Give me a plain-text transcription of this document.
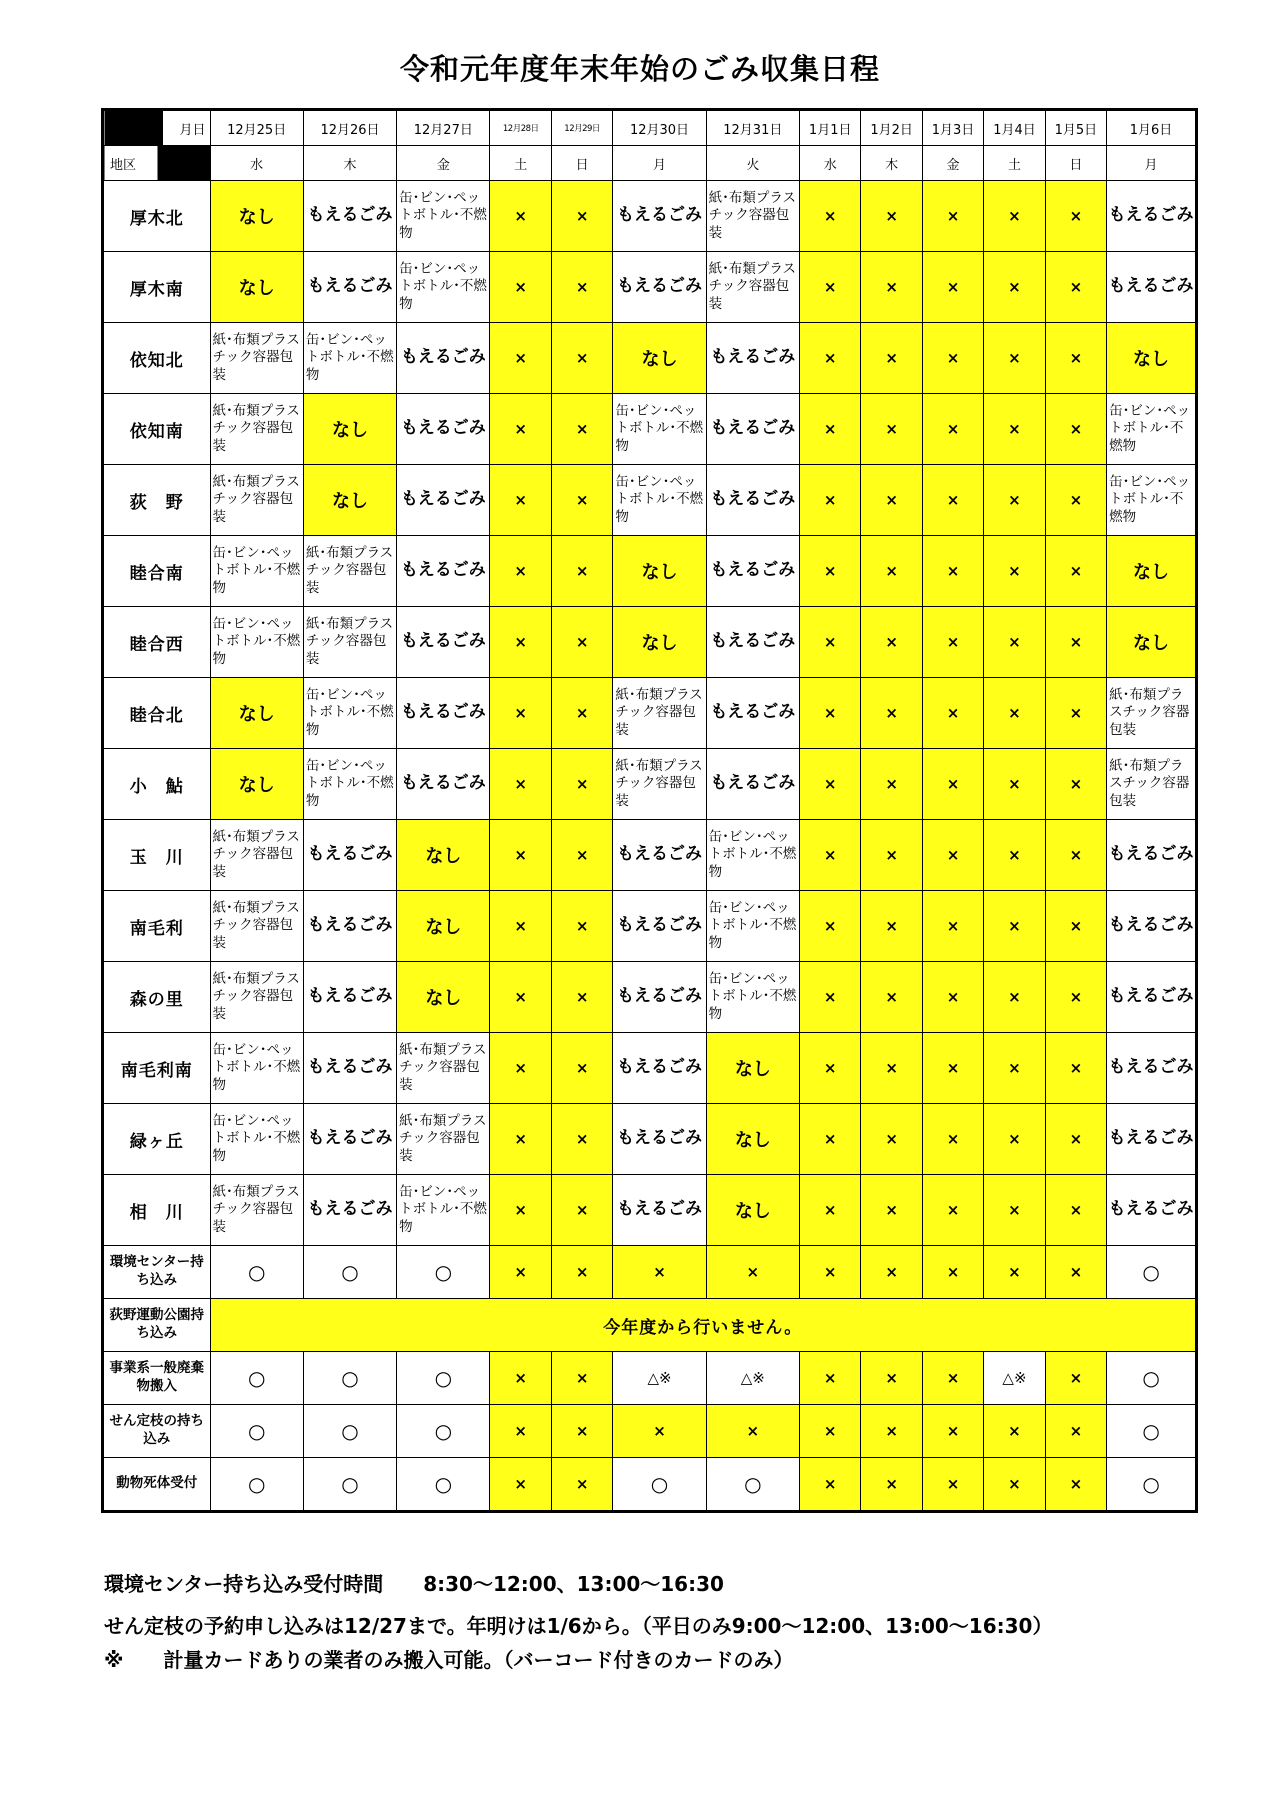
令和元年度年末年始のごみ収集日程
月日	12月25日	12月26日	12月27日	12月28日	12月29日	12月30日	12月31日	1月1日	1月2日	1月3日	1月4日	1月5日	1月6日
地区	水	木	金	土	日	月	火	水	木	金	土	日	月
厚木北	なし	もえるごみ	缶･ビン･ペットボトル･不燃物	×	×	もえるごみ	紙･布類プラスチック容器包装	×	×	×	×	×	もえるごみ
厚木南	なし	もえるごみ	缶･ビン･ペットボトル･不燃物	×	×	もえるごみ	紙･布類プラスチック容器包装	×	×	×	×	×	もえるごみ
依知北	紙･布類プラスチック容器包装	缶･ビン･ペットボトル･不燃物	もえるごみ	×	×	なし	もえるごみ	×	×	×	×	×	なし
依知南	紙･布類プラスチック容器包装	なし	もえるごみ	×	×	缶･ビン･ペットボトル･不燃物	もえるごみ	×	×	×	×	×	缶･ビン･ペットボトル･不燃物
荻　野	紙･布類プラスチック容器包装	なし	もえるごみ	×	×	缶･ビン･ペットボトル･不燃物	もえるごみ	×	×	×	×	×	缶･ビン･ペットボトル･不燃物
睦合南	缶･ビン･ペットボトル･不燃物	紙･布類プラスチック容器包装	もえるごみ	×	×	なし	もえるごみ	×	×	×	×	×	なし
睦合西	缶･ビン･ペットボトル･不燃物	紙･布類プラスチック容器包装	もえるごみ	×	×	なし	もえるごみ	×	×	×	×	×	なし
睦合北	なし	缶･ビン･ペットボトル･不燃物	もえるごみ	×	×	紙･布類プラスチック容器包装	もえるごみ	×	×	×	×	×	紙･布類プラスチック容器包装
小　鮎	なし	缶･ビン･ペットボトル･不燃物	もえるごみ	×	×	紙･布類プラスチック容器包装	もえるごみ	×	×	×	×	×	紙･布類プラスチック容器包装
玉　川	紙･布類プラスチック容器包装	もえるごみ	なし	×	×	もえるごみ	缶･ビン･ペットボトル･不燃物	×	×	×	×	×	もえるごみ
南毛利	紙･布類プラスチック容器包装	もえるごみ	なし	×	×	もえるごみ	缶･ビン･ペットボトル･不燃物	×	×	×	×	×	もえるごみ
森の里	紙･布類プラスチック容器包装	もえるごみ	なし	×	×	もえるごみ	缶･ビン･ペットボトル･不燃物	×	×	×	×	×	もえるごみ
南毛利南	缶･ビン･ペットボトル･不燃物	もえるごみ	紙･布類プラスチック容器包装	×	×	もえるごみ	なし	×	×	×	×	×	もえるごみ
緑ヶ丘	缶･ビン･ペットボトル･不燃物	もえるごみ	紙･布類プラスチック容器包装	×	×	もえるごみ	なし	×	×	×	×	×	もえるごみ
相　川	紙･布類プラスチック容器包装	もえるごみ	缶･ビン･ペットボトル･不燃物	×	×	もえるごみ	なし	×	×	×	×	×	もえるごみ
環境センター持ち込み	○	○	○	×	×	×	×	×	×	×	×	×	○
荻野運動公園持ち込み	今年度から行いません。												
事業系一般廃棄物搬入	○	○	○	×	×	△※	△※	×	×	×	△※	×	○
せん定枝の持ち込み	○	○	○	×	×	×	×	×	×	×	×	×	○
動物死体受付	○	○	○	×	×	○	○	×	×	×	×	×	○
環境センター持ち込み受付時間　　8:30～12:00、13:00～16:30
せん定枝の予約申し込みは12/27まで。年明けは1/6から。（平日のみ9:00～12:00、13:00～16:30）
※　　計量カードありの業者のみ搬入可能。（バーコード付きのカードのみ）
